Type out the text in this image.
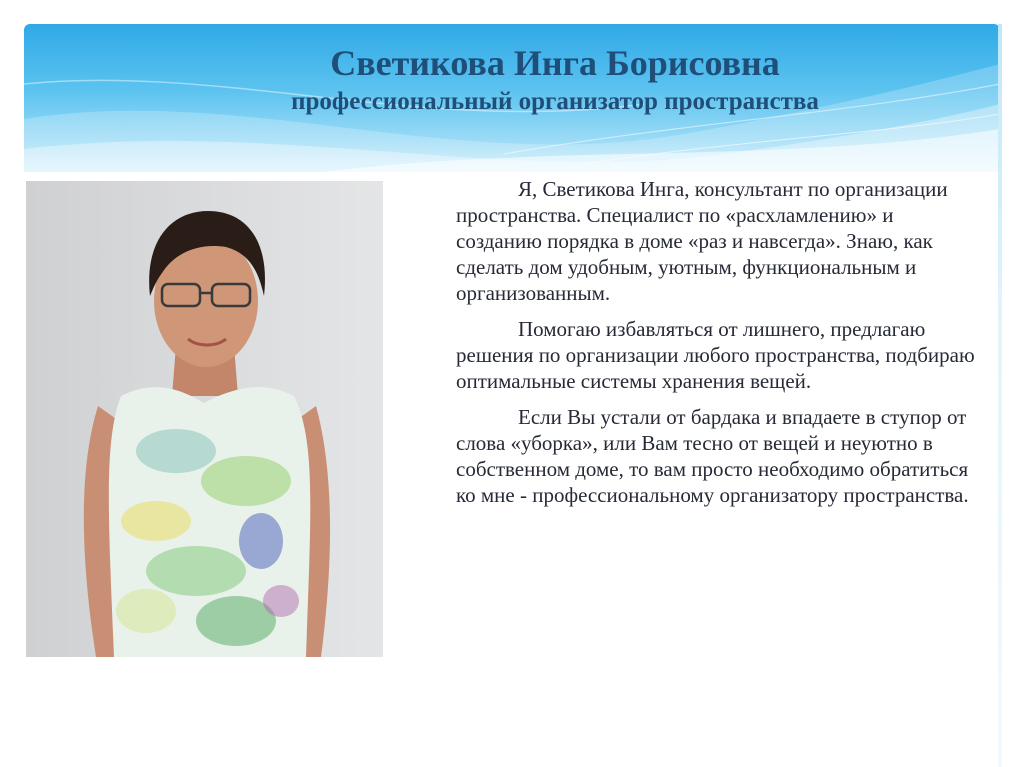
Светикова Инга Борисовна
профессиональный организатор пространства

Я, Светикова Инга, консультант по организации пространства. Специалист по «расхламлению» и созданию порядка в доме «раз и навсегда». Знаю, как сделать дом удобным, уютным, функциональным и организованным.

Помогаю избавляться от лишнего, предлагаю решения по организации любого пространства, подбираю оптимальные системы хранения вещей.

Если Вы устали от бардака и впадаете в ступор от слова «уборка», или Вам тесно от вещей и неуютно в собственном доме, то вам просто необходимо обратиться ко мне - профессиональному организатору пространства.
